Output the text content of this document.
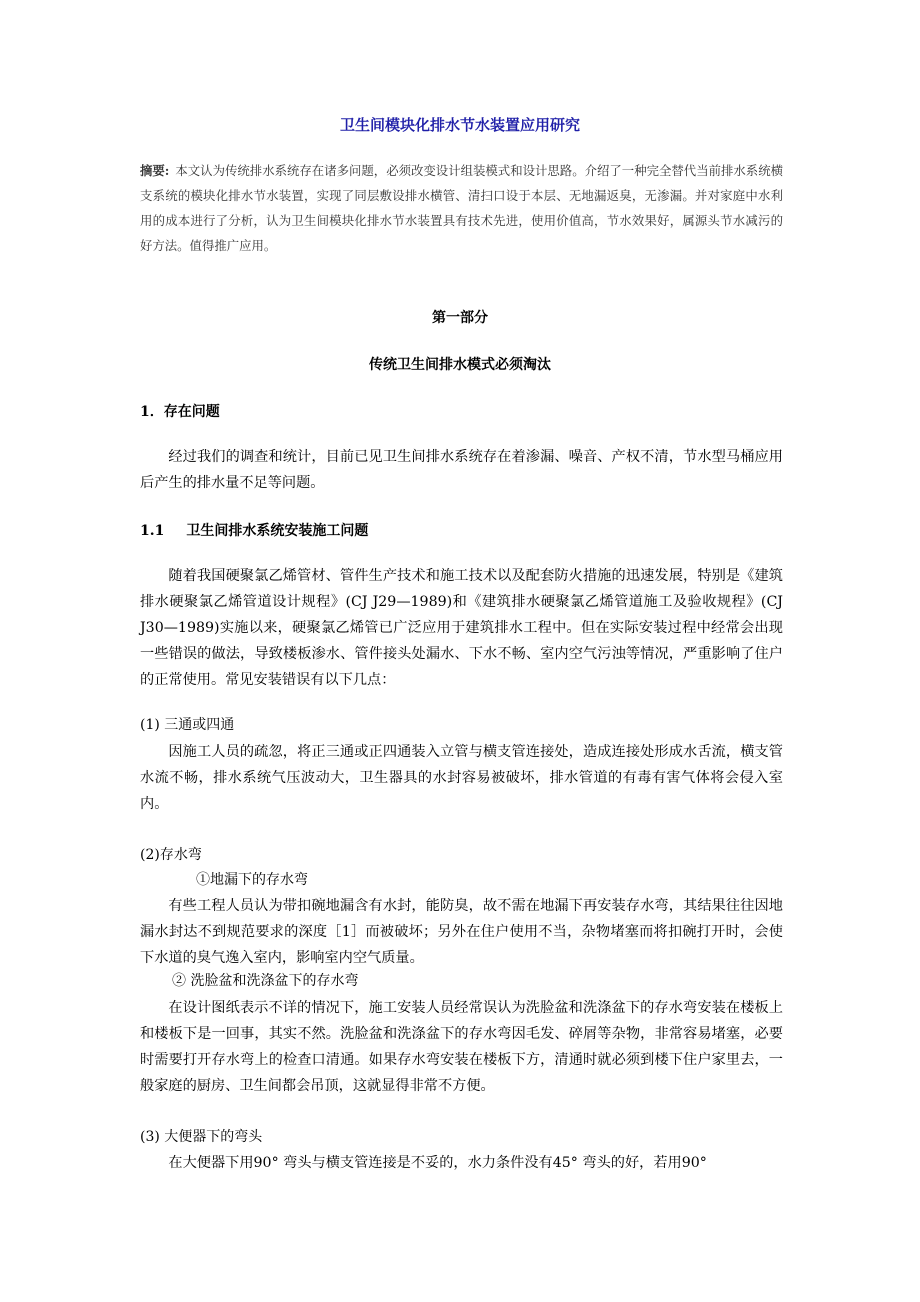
卫生间模块化排水节水装置应用研究
摘要: 本文认为传统排水系统存在诸多问题，必须改变设计组装模式和设计思路。介绍了一种完全替代当前排水系统横支系统的模块化排水节水装置，实现了同层敷设排水横管、清扫口设于本层、无地漏返臭，无渗漏。并对家庭中水利用的成本进行了分析，认为卫生间模块化排水节水装置具有技术先进，使用价值高，节水效果好，属源头节水减污的好方法。值得推广应用。
第一部分
传统卫生间排水模式必须淘汰
1．存在问题
经过我们的调查和统计，目前已见卫生间排水系统存在着渗漏、噪音、产权不清，节水型马桶应用后产生的排水量不足等问题。
1.1 卫生间排水系统安装施工问题
随着我国硬聚氯乙烯管材、管件生产技术和施工技术以及配套防火措施的迅速发展，特别是《建筑排水硬聚氯乙烯管道设计规程》(CJ J29—1989)和《建筑排水硬聚氯乙烯管道施工及验收规程》(CJ J30—1989)实施以来，硬聚氯乙烯管已广泛应用于建筑排水工程中。但在实际安装过程中经常会出现一些错误的做法，导致楼板渗水、管件接头处漏水、下水不畅、室内空气污浊等情况，严重影响了住户的正常使用。常见安装错误有以下几点：
(1) 三通或四通
因施工人员的疏忽，将正三通或正四通装入立管与横支管连接处，造成连接处形成水舌流，横支管水流不畅，排水系统气压波动大，卫生器具的水封容易被破坏，排水管道的有毒有害气体将会侵入室内。
(2)存水弯
①地漏下的存水弯
有些工程人员认为带扣碗地漏含有水封，能防臭，故不需在地漏下再安装存水弯，其结果往往因地漏水封达不到规范要求的深度［1］而被破坏；另外在住户使用不当，杂物堵塞而将扣碗打开时，会使下水道的臭气逸入室内，影响室内空气质量。
② 洗脸盆和洗涤盆下的存水弯
在设计图纸表示不详的情况下，施工安装人员经常误认为洗脸盆和洗涤盆下的存水弯安装在楼板上和楼板下是一回事，其实不然。洗脸盆和洗涤盆下的存水弯因毛发、碎屑等杂物，非常容易堵塞，必要时需要打开存水弯上的检查口清通。如果存水弯安装在楼板下方，清通时就必须到楼下住户家里去，一般家庭的厨房、卫生间都会吊顶，这就显得非常不方便。
(3) 大便器下的弯头
在大便器下用90° 弯头与横支管连接是不妥的，水力条件没有45° 弯头的好，若用90°
